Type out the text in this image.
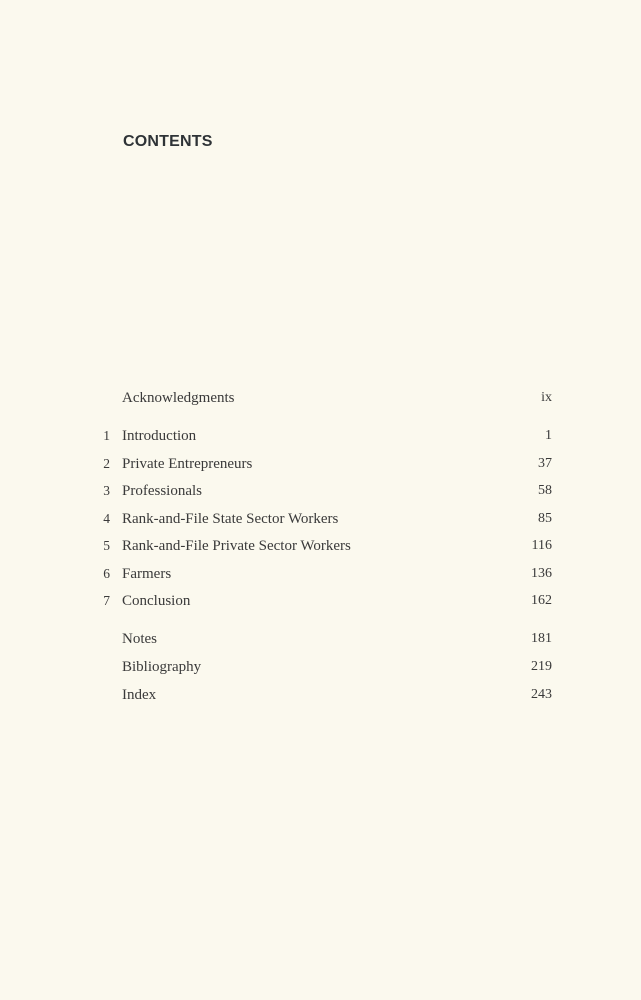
CONTENTS
Acknowledgments	ix
1 Introduction	1
2 Private Entrepreneurs	37
3 Professionals	58
4 Rank-and-File State Sector Workers	85
5 Rank-and-File Private Sector Workers	116
6 Farmers	136
7 Conclusion	162
Notes	181
Bibliography	219
Index	243
